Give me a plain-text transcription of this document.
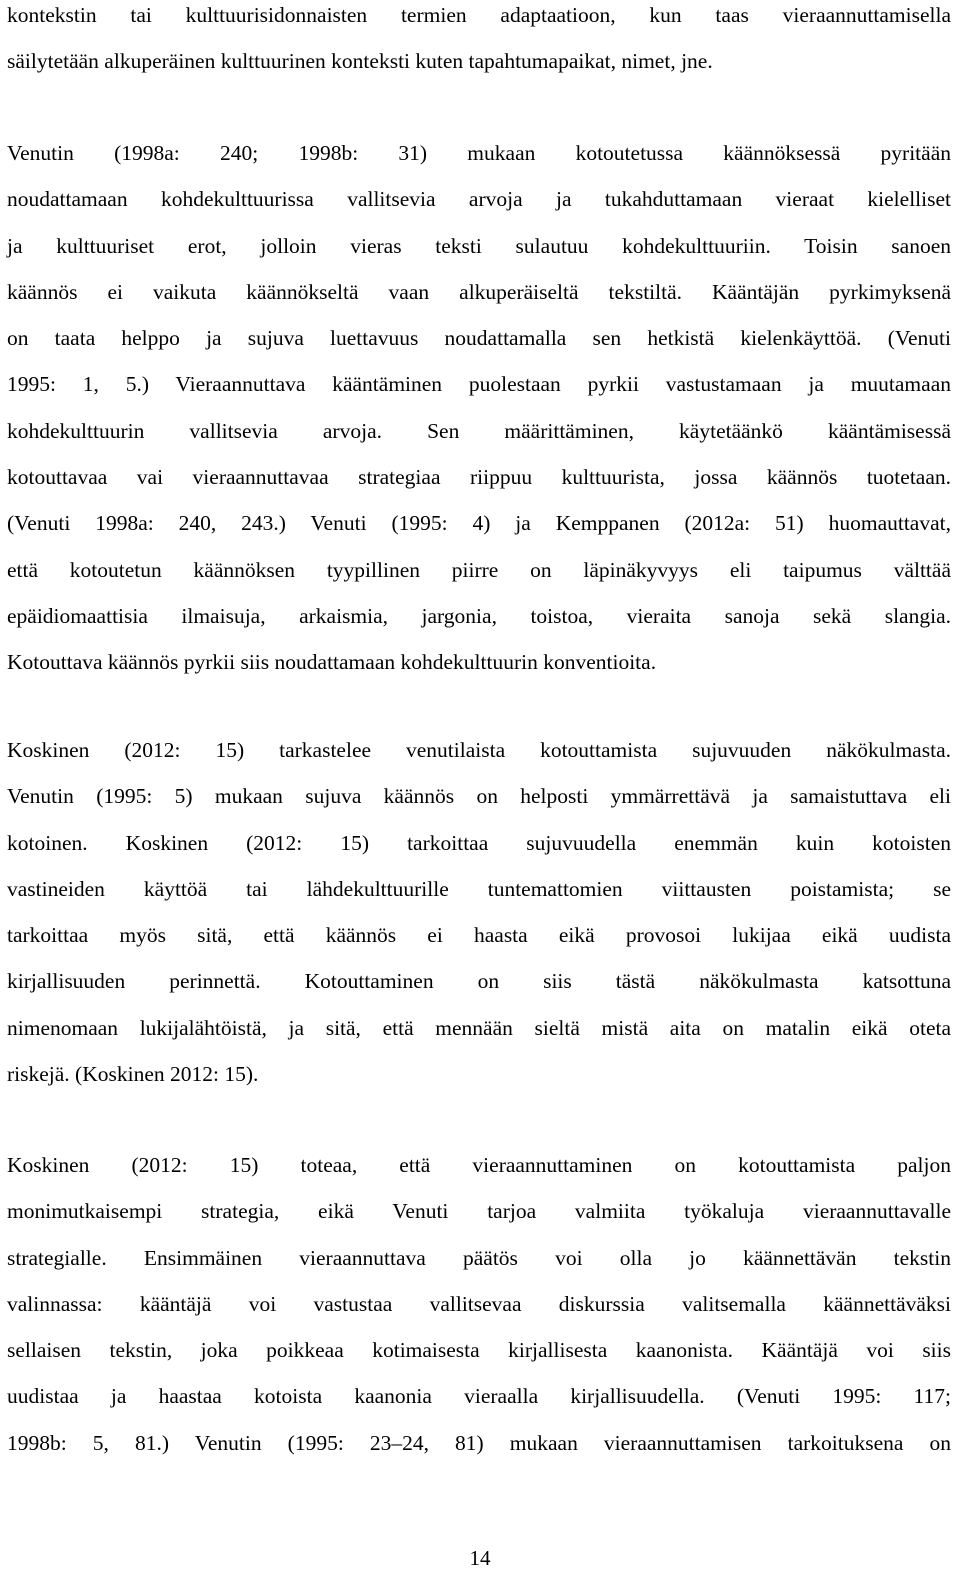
kontekstin tai kulttuurisidonnaisten termien adaptaatioon, kun taas vieraannuttamisella
säilytetään alkuperäinen kulttuurinen konteksti kuten tapahtumapaikat, nimet, jne.

Venutin (1998a: 240; 1998b: 31) mukaan kotoutetussa käännöksessä pyritään
noudattamaan kohdekulttuurissa vallitsevia arvoja ja tukahduttamaan vieraat kielelliset
ja kulttuuriset erot, jolloin vieras teksti sulautuu kohdekulttuuriin. Toisin sanoen
käännös ei vaikuta käännökseltä vaan alkuperäiseltä tekstiltä. Kääntäjän pyrkimyksenä
on taata helppo ja sujuva luettavuus noudattamalla sen hetkistä kielenkäyttöä. (Venuti
1995: 1, 5.) Vieraannuttava kääntäminen puolestaan pyrkii vastustamaan ja muutamaan
kohdekulttuurin vallitsevia arvoja. Sen määrittäminen, käytetäänkö kääntämisessä
kotouttavaa vai vieraannuttavaa strategiaa riippuu kulttuurista, jossa käännös tuotetaan.
(Venuti 1998a: 240, 243.) Venuti (1995: 4) ja Kemppanen (2012a: 51) huomauttavat,
että kotoutetun käännöksen tyypillinen piirre on läpinäkyvyys eli taipumus välttää
epäidiomaattisia ilmaisuja, arkaismia, jargonia, toistoa, vieraita sanoja sekä slangia.
Kotouttava käännös pyrkii siis noudattamaan kohdekulttuurin konventioita.

Koskinen (2012: 15) tarkastelee venutilaista kotouttamista sujuvuuden näkökulmasta.
Venutin (1995: 5) mukaan sujuva käännös on helposti ymmärrettävä ja samaistuttava eli
kotoinen. Koskinen (2012: 15) tarkoittaa sujuvuudella enemmän kuin kotoisten
vastineiden käyttöä tai lähdekulttuurille tuntemattomien viittausten poistamista; se
tarkoittaa myös sitä, että käännös ei haasta eikä provosoi lukijaa eikä uudista
kirjallisuuden perinnettä. Kotouttaminen on siis tästä näkökulmasta katsottuna
nimenomaan lukijalähtöistä, ja sitä, että mennään sieltä mistä aita on matalin eikä oteta
riskejä. (Koskinen 2012: 15).

Koskinen (2012: 15) toteaa, että vieraannuttaminen on kotouttamista paljon
monimutkaisempi strategia, eikä Venuti tarjoa valmiita työkaluja vieraannuttavalle
strategialle. Ensimmäinen vieraannuttava päätös voi olla jo käännettävän tekstin
valinnassa: kääntäjä voi vastustaa vallitsevaa diskurssia valitsemalla käännettäväksi
sellaisen tekstin, joka poikkeaa kotimaisesta kirjallisesta kaanonista. Kääntäjä voi siis
uudistaa ja haastaa kotoista kaanonia vieraalla kirjallisuudella. (Venuti 1995: 117;
1998b: 5, 81.) Venutin (1995: 23–24, 81) mukaan vieraannuttamisen tarkoituksena on

14
